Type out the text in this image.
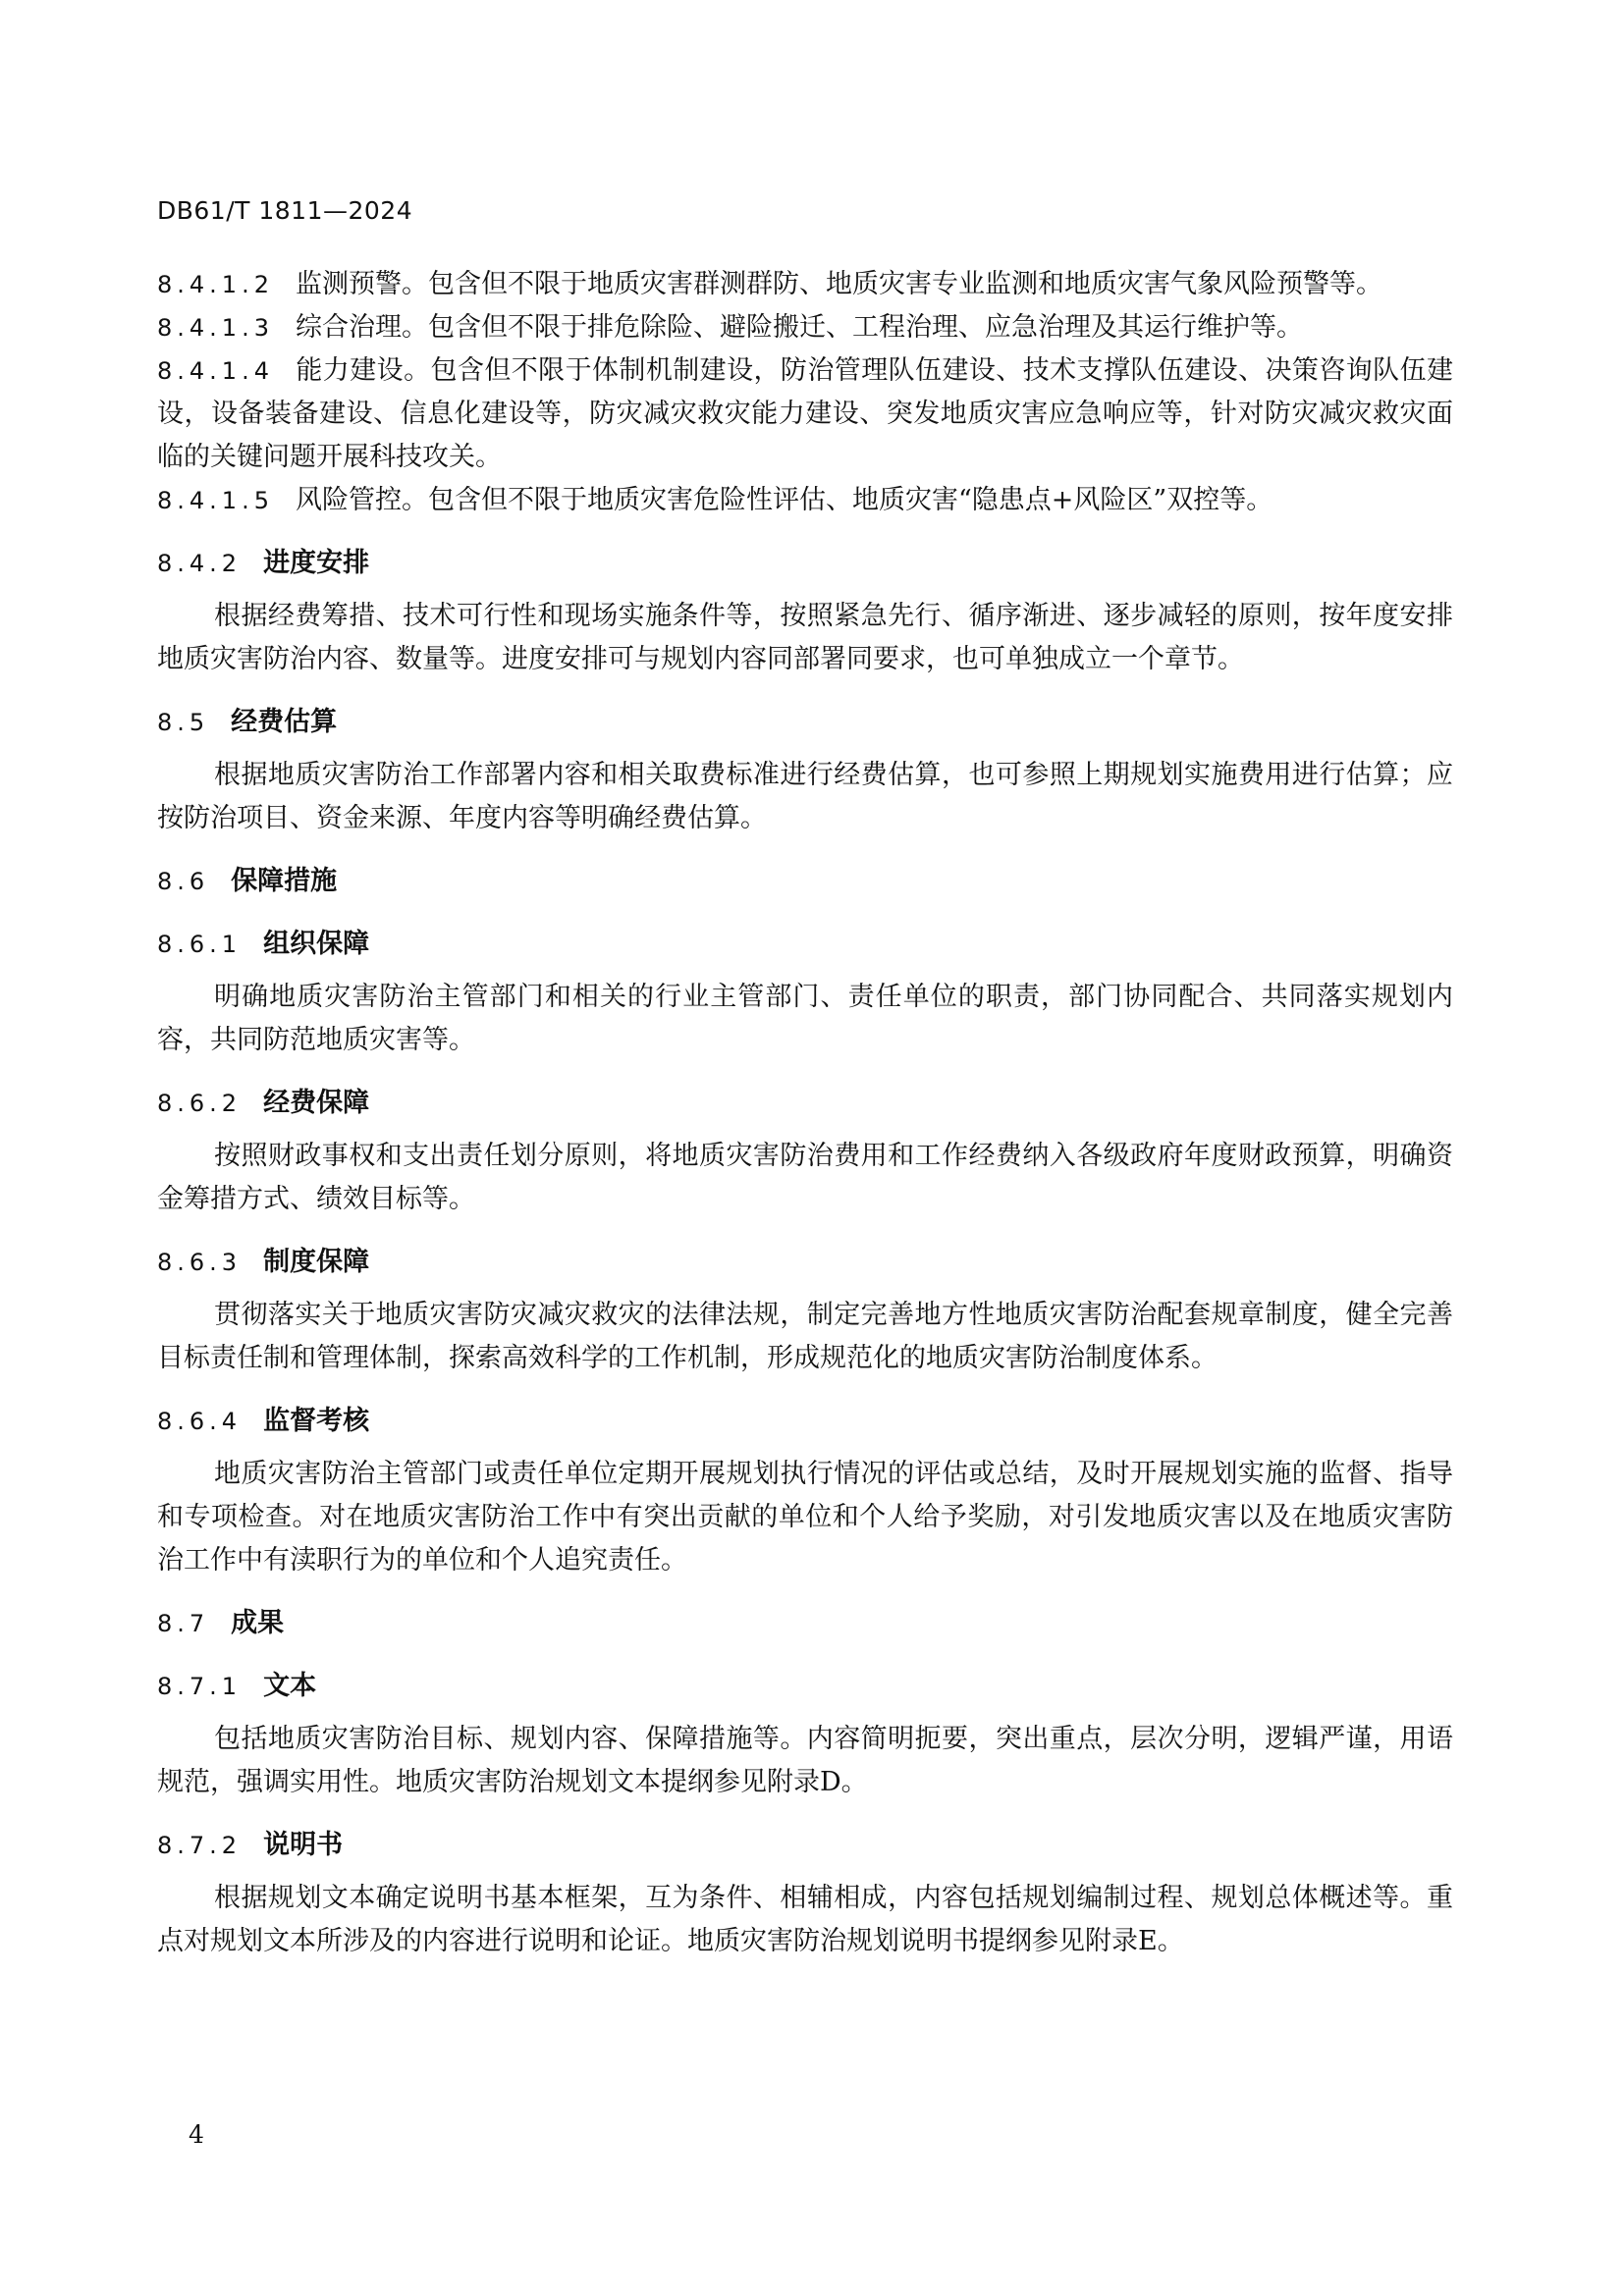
DB61/T 1811—2024

8.4.1.2 监测预警。包含但不限于地质灾害群测群防、地质灾害专业监测和地质灾害气象风险预警等。

8.4.1.3 综合治理。包含但不限于排危除险、避险搬迁、工程治理、应急治理及其运行维护等。

8.4.1.4 能力建设。包含但不限于体制机制建设，防治管理队伍建设、技术支撑队伍建设、决策咨询队伍建设，设备装备建设、信息化建设等，防灾减灾救灾能力建设、突发地质灾害应急响应等，针对防灾减灾救灾面临的关键问题开展科技攻关。

8.4.1.5 风险管控。包含但不限于地质灾害危险性评估、地质灾害“隐患点+风险区”双控等。

8.4.2 进度安排

根据经费筹措、技术可行性和现场实施条件等，按照紧急先行、循序渐进、逐步减轻的原则，按年度安排地质灾害防治内容、数量等。进度安排可与规划内容同部署同要求，也可单独成立一个章节。

8.5 经费估算

根据地质灾害防治工作部署内容和相关取费标准进行经费估算，也可参照上期规划实施费用进行估算；应按防治项目、资金来源、年度内容等明确经费估算。

8.6 保障措施
8.6.1 组织保障

明确地质灾害防治主管部门和相关的行业主管部门、责任单位的职责，部门协同配合、共同落实规划内容，共同防范地质灾害等。

8.6.2 经费保障

按照财政事权和支出责任划分原则，将地质灾害防治费用和工作经费纳入各级政府年度财政预算，明确资金筹措方式、绩效目标等。

8.6.3 制度保障

贯彻落实关于地质灾害防灾减灾救灾的法律法规，制定完善地方性地质灾害防治配套规章制度，健全完善目标责任制和管理体制，探索高效科学的工作机制，形成规范化的地质灾害防治制度体系。

8.6.4 监督考核

地质灾害防治主管部门或责任单位定期开展规划执行情况的评估或总结，及时开展规划实施的监督、指导和专项检查。对在地质灾害防治工作中有突出贡献的单位和个人给予奖励，对引发地质灾害以及在地质灾害防治工作中有渎职行为的单位和个人追究责任。

8.7 成果
8.7.1 文本

包括地质灾害防治目标、规划内容、保障措施等。内容简明扼要，突出重点，层次分明，逻辑严谨，用语规范，强调实用性。地质灾害防治规划文本提纲参见附录D。

8.7.2 说明书

根据规划文本确定说明书基本框架，互为条件、相辅相成，内容包括规划编制过程、规划总体概述等。重点对规划文本所涉及的内容进行说明和论证。地质灾害防治规划说明书提纲参见附录E。

4
